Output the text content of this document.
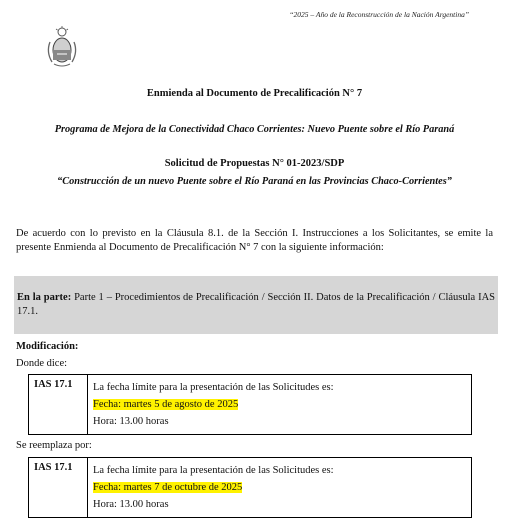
“2025 – Año de la Reconstrucción de la Nación Argentina”
Enmienda al Documento de Precalificación N° 7
Programa de Mejora de la Conectividad Chaco Corrientes: Nuevo Puente sobre el Río Paraná
Solicitud de Propuestas N° 01-2023/SDP
“Construcción de un nuevo Puente sobre el Río Paraná en las Provincias Chaco-Corrientes”
De acuerdo con lo previsto en la Cláusula 8.1. de la Sección I. Instrucciones a los Solicitantes, se emite la presente Enmienda al Documento de Precalificación N° 7 con la siguiente información:
En la parte: Parte 1 – Procedimientos de Precalificación / Sección II. Datos de la Precalificación / Cláusula IAS 17.1.
Modificación:
Donde dice:
IAS 17.1	La fecha límite para la presentación de las Solicitudes es:
Fecha: martes 5 de agosto de 2025
Hora: 13.00 horas
Se reemplaza por:
IAS 17.1	La fecha límite para la presentación de las Solicitudes es:
Fecha: martes 7 de octubre de 2025
Hora: 13.00 horas
